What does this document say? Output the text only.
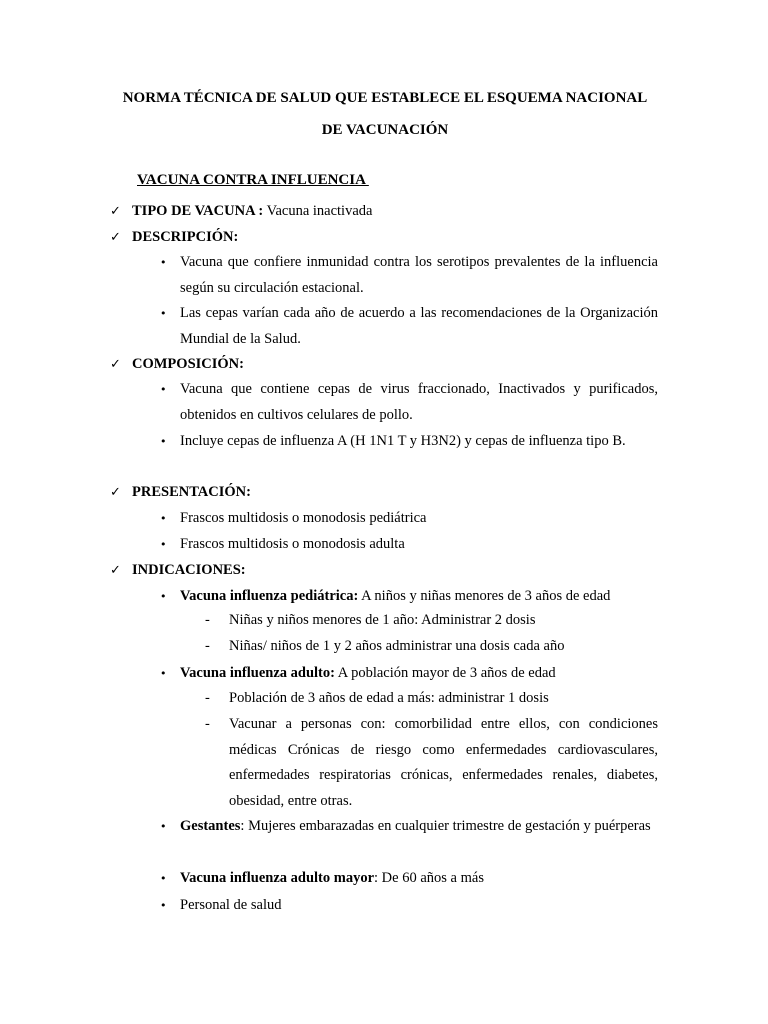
NORMA TÉCNICA DE SALUD QUE ESTABLECE EL ESQUEMA NACIONAL
DE VACUNACIÓN
VACUNA CONTRA INFLUENCIA
✓ TIPO DE VACUNA : Vacuna inactivada
✓ DESCRIPCIÓN:
• Vacuna que confiere inmunidad contra los serotipos prevalentes de la influencia según su circulación estacional.
• Las cepas varían cada año de acuerdo a las recomendaciones de la Organización Mundial de la Salud.
✓ COMPOSICIÓN:
• Vacuna que contiene cepas de virus fraccionado, Inactivados y purificados, obtenidos en cultivos celulares de pollo.
• Incluye cepas de influenza A (H 1N1 T y H3N2) y cepas de influenza tipo B.
✓ PRESENTACIÓN:
• Frascos multidosis o monodosis pediátrica
• Frascos multidosis o monodosis adulta
✓ INDICACIONES:
• Vacuna influenza pediátrica: A niños y niñas menores de 3 años de edad
- Niñas y niños menores de 1 año: Administrar 2 dosis
- Niñas/ niños de 1 y 2 años administrar una dosis cada año
• Vacuna influenza adulto: A población mayor de 3 años de edad
- Población de 3 años de edad a más: administrar 1 dosis
- Vacunar a personas con: comorbilidad entre ellos, con condiciones médicas Crónicas de riesgo como enfermedades cardiovasculares, enfermedades respiratorias crónicas, enfermedades renales, diabetes, obesidad, entre otras.
• Gestantes: Mujeres embarazadas en cualquier trimestre de gestación y puérperas
• Vacuna influenza adulto mayor: De 60 años a más
• Personal de salud
